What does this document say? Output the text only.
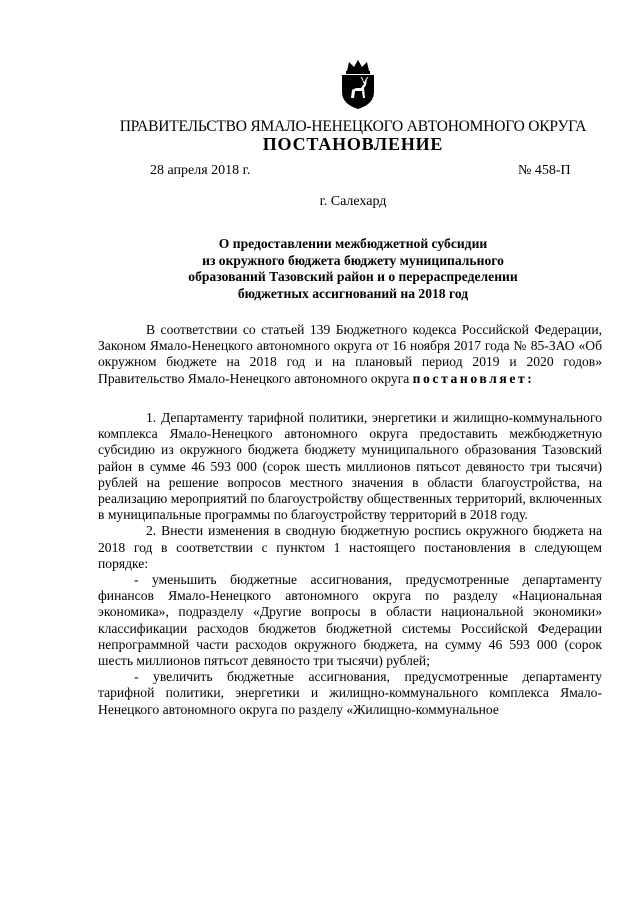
ПРАВИТЕЛЬСТВО ЯМАЛО-НЕНЕЦКОГО АВТОНОМНОГО ОКРУГА
ПОСТАНОВЛЕНИЕ
28 апреля 2018 г.	№ 458-П
г. Салехард
О предоставлении межбюджетной субсидии
из окружного бюджета бюджету муниципального
образований Тазовский район и о перераспределении
бюджетных ассигнований на 2018 год

В соответствии со статьей 139 Бюджетного кодекса Российской Федерации, Законом Ямало-Ненецкого автономного округа от 16 ноября 2017 года № 85-ЗАО «Об окружном бюджете на 2018 год и на плановый период 2019 и 2020 годов» Правительство Ямало-Ненецкого автономного округа постановляет:

1. Департаменту тарифной политики, энергетики и жилищно-коммунального комплекса Ямало-Ненецкого автономного округа предоставить межбюджетную субсидию из окружного бюджета бюджету муниципального образования Тазовский район в сумме 46 593 000 (сорок шесть миллионов пятьсот девяносто три тысячи) рублей на решение вопросов местного значения в области благоустройства, на реализацию мероприятий по благоустройству общественных территорий, включенных в муниципальные программы по благоустройству территорий в 2018 году.

2. Внести изменения в сводную бюджетную роспись окружного бюджета на 2018 год в соответствии с пунктом 1 настоящего постановления в следующем порядке:

- уменьшить бюджетные ассигнования, предусмотренные департаменту финансов Ямало-Ненецкого автономного округа по разделу «Национальная экономика», подразделу «Другие вопросы в области национальной экономики» классификации расходов бюджетов бюджетной системы Российской Федерации непрограммной части расходов окружного бюджета, на сумму 46 593 000 (сорок шесть миллионов пятьсот девяносто три тысячи) рублей;

- увеличить бюджетные ассигнования, предусмотренные департаменту тарифной политики, энергетики и жилищно-коммунального комплекса Ямало-Ненецкого автономного округа по разделу «Жилищно-коммунальное
